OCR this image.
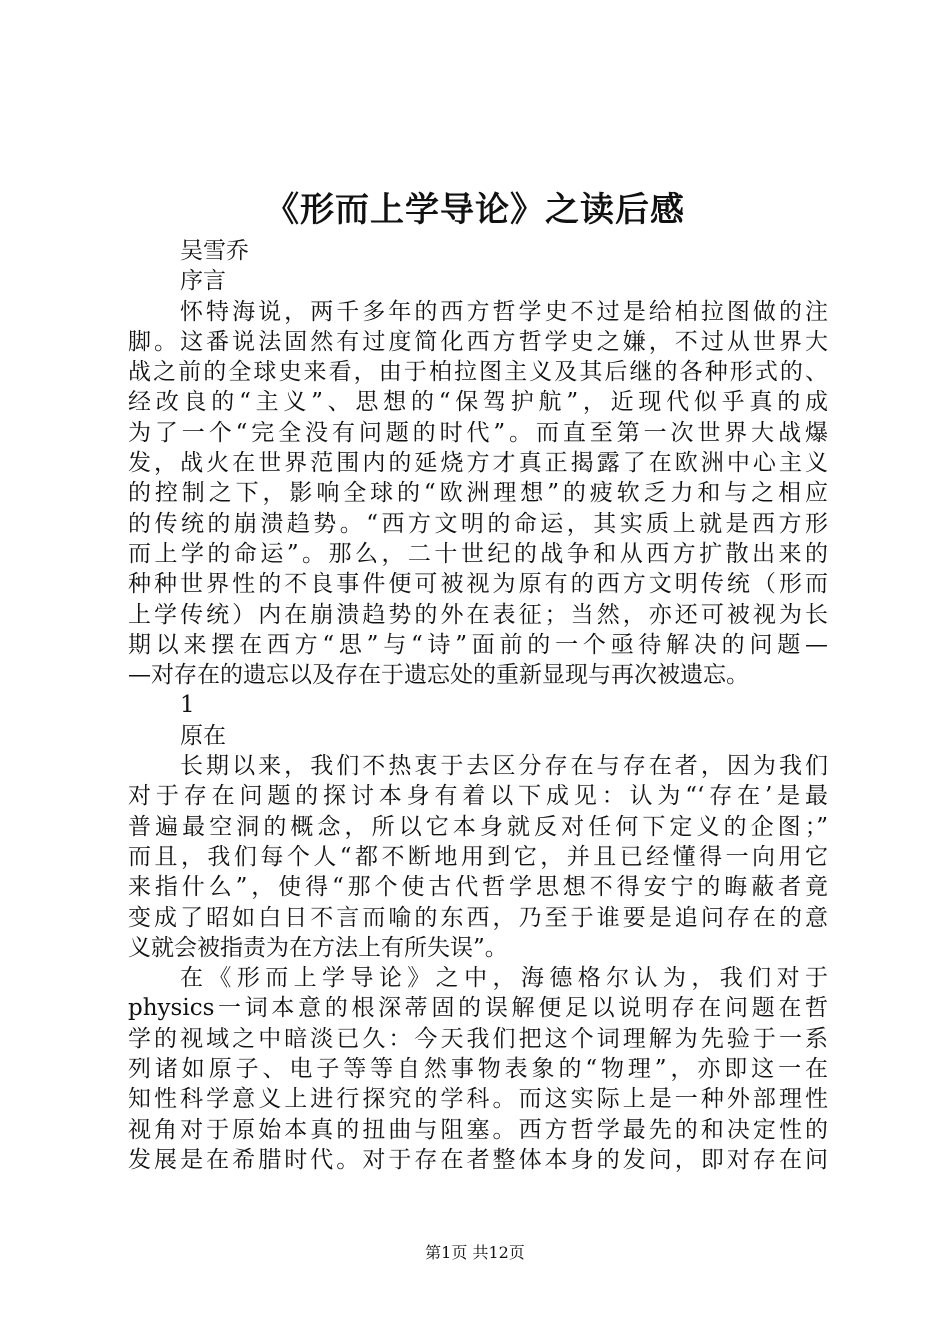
《形而上学导论》之读后感
吴雪乔
序言
怀特海说，两千多年的西方哲学史不过是给柏拉图做的注
脚。这番说法固然有过度简化西方哲学史之嫌，不过从世界大
战之前的全球史来看，由于柏拉图主义及其后继的各种形式的、
经改良的“主义”、思想的“保驾护航”，近现代似乎真的成
为了一个“完全没有问题的时代”。而直至第一次世界大战爆
发，战火在世界范围内的延烧方才真正揭露了在欧洲中心主义
的控制之下，影响全球的“欧洲理想”的疲软乏力和与之相应
的传统的崩溃趋势。“西方文明的命运，其实质上就是西方形
而上学的命运”。那么，二十世纪的战争和从西方扩散出来的
种种世界性的不良事件便可被视为原有的西方文明传统（形而
上学传统）内在崩溃趋势的外在表征；当然，亦还可被视为长
期以来摆在西方“思”与“诗”面前的一个亟待解决的问题—
—对存在的遗忘以及存在于遗忘处的重新显现与再次被遗忘。
1
原在
长期以来，我们不热衷于去区分存在与存在者，因为我们
对于存在问题的探讨本身有着以下成见：认为“‘存在’是最
普遍最空洞的概念，所以它本身就反对任何下定义的企图；”
而且，我们每个人“都不断地用到它，并且已经懂得一向用它
来指什么”，使得“那个使古代哲学思想不得安宁的晦蔽者竟
变成了昭如白日不言而喻的东西，乃至于谁要是追问存在的意
义就会被指责为在方法上有所失误”。
在《形而上学导论》之中，海德格尔认为，我们对于
physics一词本意的根深蒂固的误解便足以说明存在问题在哲
学的视域之中暗淡已久：今天我们把这个词理解为先验于一系
列诸如原子、电子等等自然事物表象的“物理”，亦即这一在
知性科学意义上进行探究的学科。而这实际上是一种外部理性
视角对于原始本真的扭曲与阻塞。西方哲学最先的和决定性的
发展是在希腊时代。对于存在者整体本身的发问，即对存在问
第1页 共12页
